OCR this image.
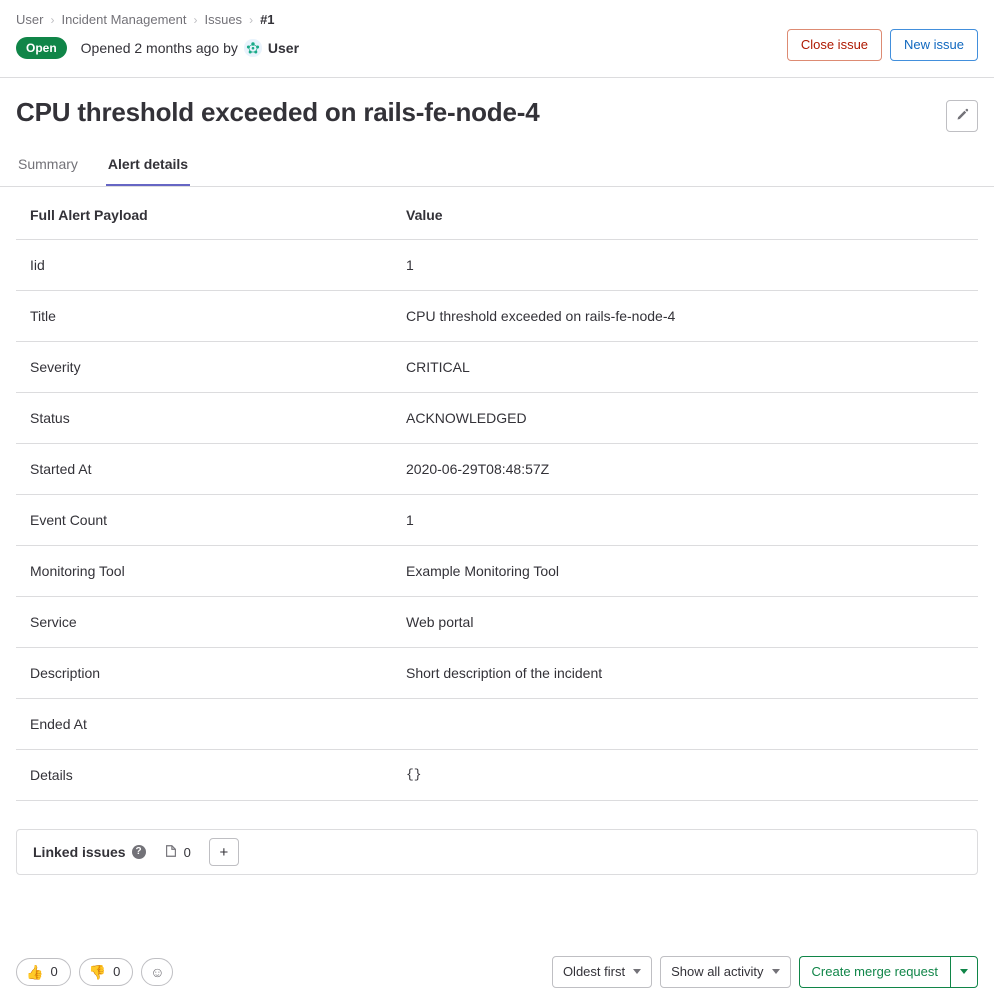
User › Incident Management › Issues › #1
Open	Opened 2 months ago by User	Close issue	New issue
CPU threshold exceeded on rails-fe-node-4
Summary Alert details
Full Alert Payload	Value
Iid	1
Title	CPU threshold exceeded on rails-fe-node-4
Severity	CRITICAL
Status	ACKNOWLEDGED
Started At	2020-06-29T08:48:57Z
Event Count	1
Monitoring Tool	Example Monitoring Tool
Service	Web portal
Description	Short description of the incident
Ended At	
Details	{}
Linked issues ?	0	+
👍 0 👎 0	☺	Oldest first	Show all activity	Create merge request
